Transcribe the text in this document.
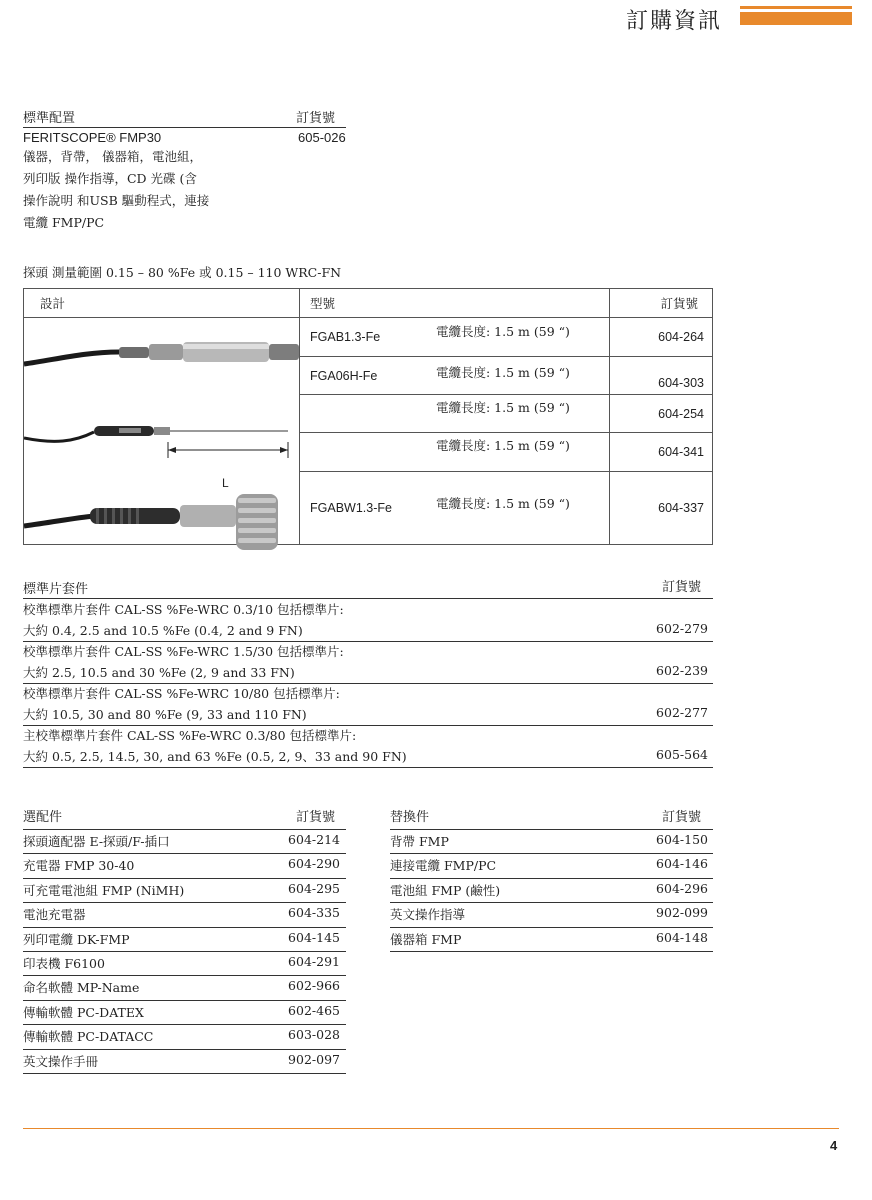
訂購資訊
標準配置	訂貨號
FERITSCOPE® FMP30	605-026
儀器，背帶， 儀器箱，電池組，
列印版 操作指導，CD 光碟 (含
操作說明 和USB 驅動程式，連接
電纜 FMP/PC
探頭 測量範圍 0.15 – 80 %Fe 或 0.15 – 110 WRC-FN
設計	型號	訂貨號

L	FGAB1.3-Fe 電纜長度: 1.5 m (59 “)	604-264

	FGA06H-Fe 電纜長度: 1.5 m (59 “)	604-303

	電纜長度: 1.5 m (59 “)	604-254

	電纜長度: 1.5 m (59 “)	604-341

	FGABW1.3-Fe 電纜長度: 1.5 m (59 “)	604-337
標準片套件	訂貨號
校準標準片套件 CAL-SS %Fe-WRC 0.3/10 包括標準片:
大約 0.4, 2.5 and 10.5 %Fe (0.4, 2 and 9 FN)	602-279
校準標準片套件 CAL-SS %Fe-WRC 1.5/30 包括標準片:
大約 2.5, 10.5 and 30 %Fe (2, 9 and 33 FN)	602-239
校準標準片套件 CAL-SS %Fe-WRC 10/80 包括標準片:
大約 10.5, 30 and 80 %Fe (9, 33 and 110 FN)	602-277
主校準標準片套件 CAL-SS %Fe-WRC 0.3/80 包括標準片:
大約 0.5, 2.5, 14.5, 30, and 63 %Fe (0.5, 2, 9、33 and 90 FN)	605-564
選配件	訂貨號
探頭適配器 E-探頭/F-插口	604-214
充電器 FMP 30-40	604-290
可充電電池組 FMP (NiMH)	604-295
電池充電器	604-335
列印電纜 DK-FMP	604-145
印表機 F6100	604-291
命名軟體 MP-Name	602-966
傳輸軟體 PC-DATEX	602-465
傳輸軟體 PC-DATACC	603-028
英文操作手冊	902-097
替換件	訂貨號
背帶 FMP	604-150
連接電纜 FMP/PC	604-146
電池組 FMP (鹼性)	604-296
英文操作指導	902-099
儀器箱 FMP	604-148
4
